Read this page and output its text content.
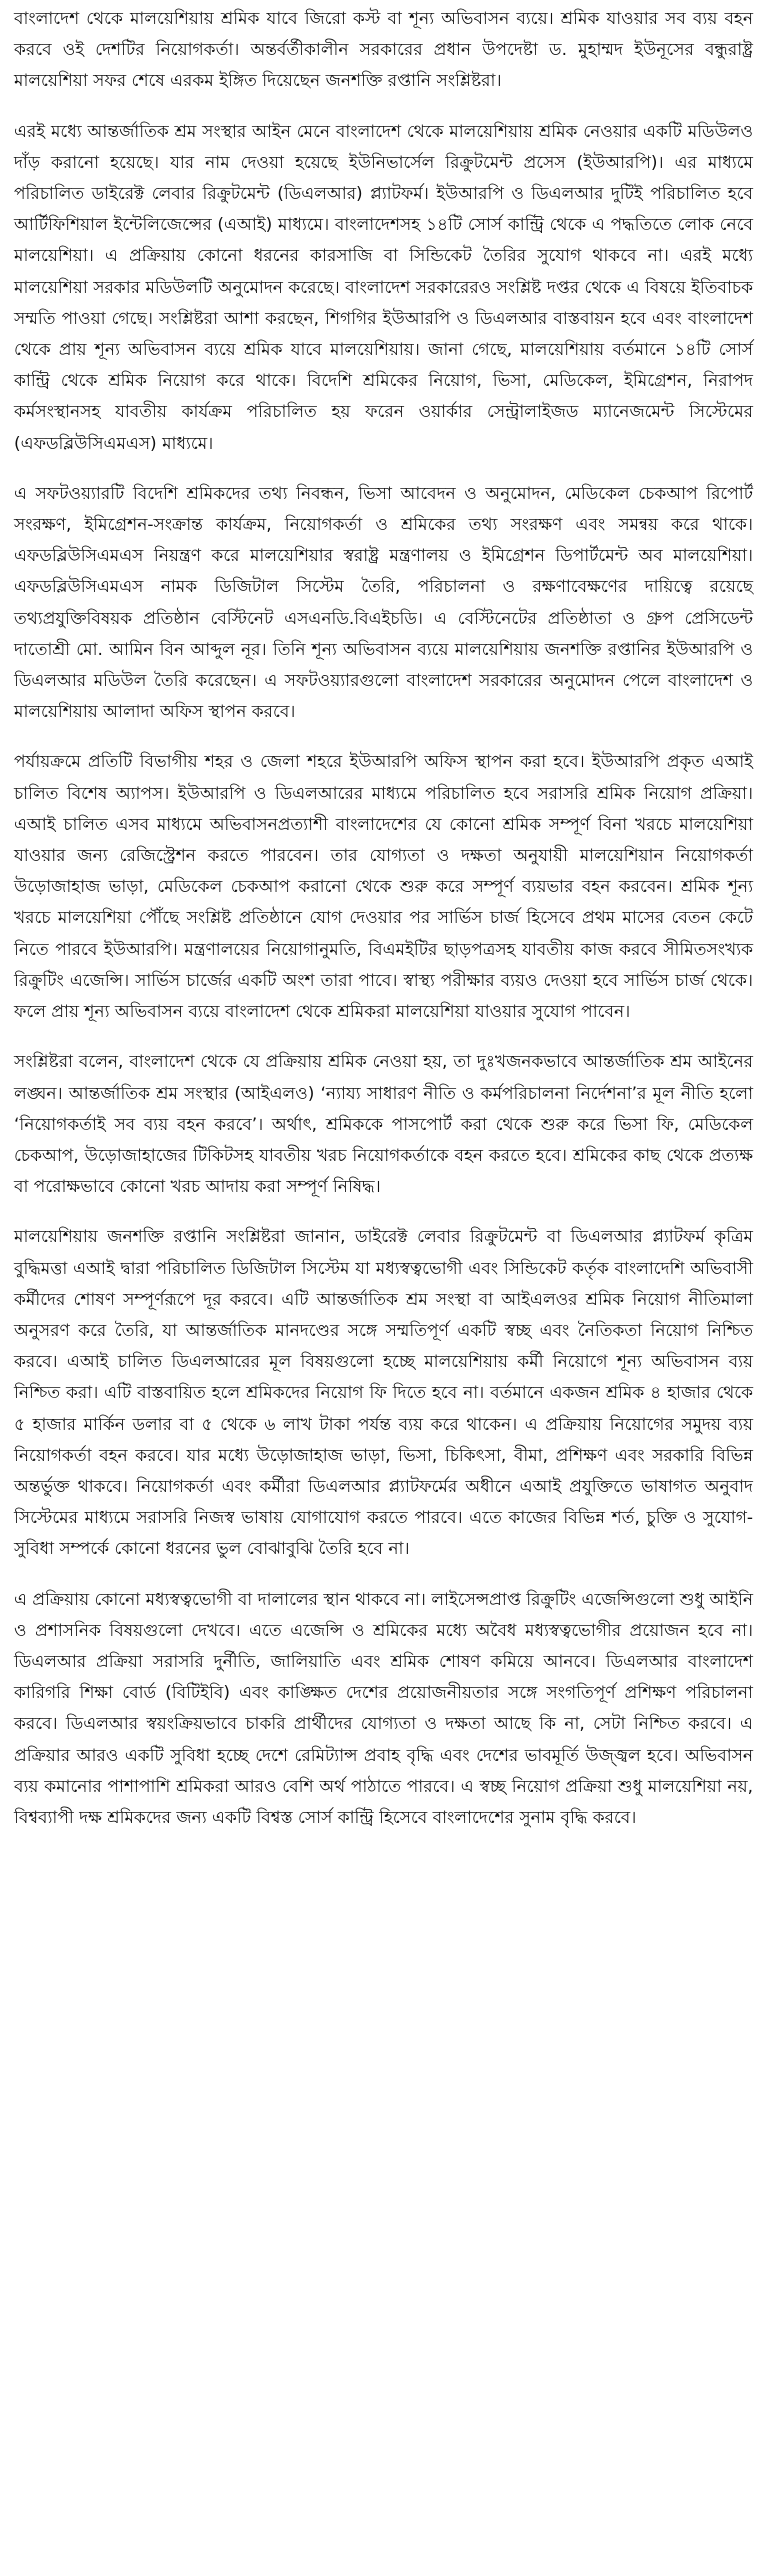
বাংলাদেশ থেকে মালয়েশিয়ায় শ্রমিক যাবে জিরো কস্ট বা শূন্য অভিবাসন ব্যয়ে। শ্রমিক যাওয়ার সব ব্যয় বহন করবে ওই দেশটির নিয়োগকর্তা। অন্তর্বর্তীকালীন সরকারের প্রধান উপদেষ্টা ড. মুহাম্মদ ইউনূসের বন্ধুরাষ্ট্র মালয়েশিয়া সফর শেষে এরকম ইঙ্গিত দিয়েছেন জনশক্তি রপ্তানি সংশ্লিষ্টরা।

এরই মধ্যে আন্তর্জাতিক শ্রম সংস্থার আইন মেনে বাংলাদেশ থেকে মালয়েশিয়ায় শ্রমিক নেওয়ার একটি মডিউলও দাঁড় করানো হয়েছে। যার নাম দেওয়া হয়েছে ইউনিভার্সেল রিক্রুটমেন্ট প্রসেস (ইউআরপি)। এর মাধ্যমে পরিচালিত ডাইরেক্ট লেবার রিক্রুটমেন্ট (ডিএলআর) প্ল্যাটফর্ম। ইউআরপি ও ডিএলআর দুটিই পরিচালিত হবে আর্টিফিশিয়াল ইন্টেলিজেন্সের (এআই) মাধ্যমে। বাংলাদেশসহ ১৪টি সোর্স কান্ট্রি থেকে এ পদ্ধতিতে লোক নেবে মালয়েশিয়া। এ প্রক্রিয়ায় কোনো ধরনের কারসাজি বা সিন্ডিকেট তৈরির সুযোগ থাকবে না। এরই মধ্যে মালয়েশিয়া সরকার মডিউলটি অনুমোদন করেছে। বাংলাদেশ সরকারেরও সংশ্লিষ্ট দপ্তর থেকে এ বিষয়ে ইতিবাচক সম্মতি পাওয়া গেছে। সংশ্লিষ্টরা আশা করছেন, শিগগির ইউআরপি ও ডিএলআর বাস্তবায়ন হবে এবং বাংলাদেশ থেকে প্রায় শূন্য অভিবাসন ব্যয়ে শ্রমিক যাবে মালয়েশিয়ায়। জানা গেছে, মালয়েশিয়ায় বর্তমানে ১৪টি সোর্স কান্ট্রি থেকে শ্রমিক নিয়োগ করে থাকে। বিদেশি শ্রমিকের নিয়োগ, ভিসা, মেডিকেল, ইমিগ্রেশন, নিরাপদ কর্মসংস্থানসহ যাবতীয় কার্যক্রম পরিচালিত হয় ফরেন ওয়ার্কার সেন্ট্রালাইজড ম্যানেজমেন্ট সিস্টেমের (এফডব্লিউসিএমএস) মাধ্যমে।

এ সফটওয়্যারটি বিদেশি শ্রমিকদের তথ্য নিবন্ধন, ভিসা আবেদন ও অনুমোদন, মেডিকেল চেকআপ রিপোর্ট সংরক্ষণ, ইমিগ্রেশন-সংক্রান্ত কার্যক্রম, নিয়োগকর্তা ও শ্রমিকের তথ্য সংরক্ষণ এবং সমন্বয় করে থাকে। এফডব্লিউসিএমএস নিয়ন্ত্রণ করে মালয়েশিয়ার স্বরাষ্ট্র মন্ত্রণালয় ও ইমিগ্রেশন ডিপার্টমেন্ট অব মালয়েশিয়া। এফডব্লিউসিএমএস নামক ডিজিটাল সিস্টেম তৈরি, পরিচালনা ও রক্ষণাবেক্ষণের দায়িত্বে রয়েছে তথ্যপ্রযুক্তিবিষয়ক প্রতিষ্ঠান বেস্টিনেট এসএনডি.বিএইচডি। এ বেস্টিনেটের প্রতিষ্ঠাতা ও গ্রুপ প্রেসিডেন্ট দাতোশ্রী মো. আমিন বিন আব্দুল নূর। তিনি শূন্য অভিবাসন ব্যয়ে মালয়েশিয়ায় জনশক্তি রপ্তানির ইউআরপি ও ডিএলআর মডিউল তৈরি করেছেন। এ সফটওয়্যারগুলো বাংলাদেশ সরকারের অনুমোদন পেলে বাংলাদেশ ও মালয়েশিয়ায় আলাদা অফিস স্থাপন করবে।

পর্যায়ক্রমে প্রতিটি বিভাগীয় শহর ও জেলা শহরে ইউআরপি অফিস স্থাপন করা হবে। ইউআরপি প্রকৃত এআই চালিত বিশেষ অ্যাপস। ইউআরপি ও ডিএলআরের মাধ্যমে পরিচালিত হবে সরাসরি শ্রমিক নিয়োগ প্রক্রিয়া। এআই চালিত এসব মাধ্যমে অভিবাসনপ্রত্যাশী বাংলাদেশের যে কোনো শ্রমিক সম্পূর্ণ বিনা খরচে মালয়েশিয়া যাওয়ার জন্য রেজিস্ট্রেশন করতে পারবেন। তার যোগ্যতা ও দক্ষতা অনুযায়ী মালয়েশিয়ান নিয়োগকর্তা উড়োজাহাজ ভাড়া, মেডিকেল চেকআপ করানো থেকে শুরু করে সম্পূর্ণ ব্যয়ভার বহন করবেন। শ্রমিক শূন্য খরচে মালয়েশিয়া পৌঁছে সংশ্লিষ্ট প্রতিষ্ঠানে যোগ দেওয়ার পর সার্ভিস চার্জ হিসেবে প্রথম মাসের বেতন কেটে নিতে পারবে ইউআরপি। মন্ত্রণালয়ের নিয়োগানুমতি, বিএমইটির ছাড়পত্রসহ যাবতীয় কাজ করবে সীমিতসংখ্যক রিক্রুটিং এজেন্সি। সার্ভিস চার্জের একটি অংশ তারা পাবে। স্বাস্থ্য পরীক্ষার ব্যয়ও দেওয়া হবে সার্ভিস চার্জ থেকে। ফলে প্রায় শূন্য অভিবাসন ব্যয়ে বাংলাদেশ থেকে শ্রমিকরা মালয়েশিয়া যাওয়ার সুযোগ পাবেন।

সংশ্লিষ্টরা বলেন, বাংলাদেশ থেকে যে প্রক্রিয়ায় শ্রমিক নেওয়া হয়, তা দুঃখজনকভাবে আন্তর্জাতিক শ্রম আইনের লঙ্ঘন। আন্তর্জাতিক শ্রম সংস্থার (আইএলও) ‘ন্যায্য সাধারণ নীতি ও কর্মপরিচালনা নির্দেশনা’র মূল নীতি হলো ‘নিয়োগকর্তাই সব ব্যয় বহন করবে’। অর্থাৎ, শ্রমিককে পাসপোর্ট করা থেকে শুরু করে ভিসা ফি, মেডিকেল চেকআপ, উড়োজাহাজের টিকিটসহ যাবতীয় খরচ নিয়োগকর্তাকে বহন করতে হবে। শ্রমিকের কাছ থেকে প্রত্যক্ষ বা পরোক্ষভাবে কোনো খরচ আদায় করা সম্পূর্ণ নিষিদ্ধ।

মালয়েশিয়ায় জনশক্তি রপ্তানি সংশ্লিষ্টরা জানান, ডাইরেক্ট লেবার রিক্রুটমেন্ট বা ডিএলআর প্ল্যাটফর্ম কৃত্রিম বুদ্ধিমত্তা এআই দ্বারা পরিচালিত ডিজিটাল সিস্টেম যা মধ্যস্বত্বভোগী এবং সিন্ডিকেট কর্তৃক বাংলাদেশি অভিবাসী কর্মীদের শোষণ সম্পূর্ণরূপে দূর করবে। এটি আন্তর্জাতিক শ্রম সংস্থা বা আইএলওর শ্রমিক নিয়োগ নীতিমালা অনুসরণ করে তৈরি, যা আন্তর্জাতিক মানদণ্ডের সঙ্গে সম্মতিপূর্ণ একটি স্বচ্ছ এবং নৈতিকতা নিয়োগ নিশ্চিত করবে। এআই চালিত ডিএলআরের মূল বিষয়গুলো হচ্ছে মালয়েশিয়ায় কর্মী নিয়োগে শূন্য অভিবাসন ব্যয় নিশ্চিত করা। এটি বাস্তবায়িত হলে শ্রমিকদের নিয়োগ ফি দিতে হবে না। বর্তমানে একজন শ্রমিক ৪ হাজার থেকে ৫ হাজার মার্কিন ডলার বা ৫ থেকে ৬ লাখ টাকা পর্যন্ত ব্যয় করে থাকেন। এ প্রক্রিয়ায় নিয়োগের সমুদয় ব্যয় নিয়োগকর্তা বহন করবে। যার মধ্যে উড়োজাহাজ ভাড়া, ভিসা, চিকিৎসা, বীমা, প্রশিক্ষণ এবং সরকারি বিভিন্ন অন্তর্ভুক্ত থাকবে। নিয়োগকর্তা এবং কর্মীরা ডিএলআর প্ল্যাটফর্মের অধীনে এআই প্রযুক্তিতে ভাষাগত অনুবাদ সিস্টেমের মাধ্যমে সরাসরি নিজস্ব ভাষায় যোগাযোগ করতে পারবে। এতে কাজের বিভিন্ন শর্ত, চুক্তি ও সুযোগ-সুবিধা সম্পর্কে কোনো ধরনের ভুল বোঝাবুঝি তৈরি হবে না।

এ প্রক্রিয়ায় কোনো মধ্যস্বত্বভোগী বা দালালের স্থান থাকবে না। লাইসেন্সপ্রাপ্ত রিক্রুটিং এজেন্সিগুলো শুধু আইনি ও প্রশাসনিক বিষয়গুলো দেখবে। এতে এজেন্সি ও শ্রমিকের মধ্যে অবৈধ মধ্যস্বত্বভোগীর প্রয়োজন হবে না। ডিএলআর প্রক্রিয়া সরাসরি দুর্নীতি, জালিয়াতি এবং শ্রমিক শোষণ কমিয়ে আনবে। ডিএলআর বাংলাদেশ কারিগরি শিক্ষা বোর্ড (বিটিইবি) এবং কাঙ্ক্ষিত দেশের প্রয়োজনীয়তার সঙ্গে সংগতিপূর্ণ প্রশিক্ষণ পরিচালনা করবে। ডিএলআর স্বয়ংক্রিয়ভাবে চাকরি প্রার্থীদের যোগ্যতা ও দক্ষতা আছে কি না, সেটা নিশ্চিত করবে। এ প্রক্রিয়ার আরও একটি সুবিধা হচ্ছে দেশে রেমিট্যান্স প্রবাহ বৃদ্ধি এবং দেশের ভাবমূর্তি উজ্জ্বল হবে। অভিবাসন ব্যয় কমানোর পাশাপাশি শ্রমিকরা আরও বেশি অর্থ পাঠাতে পারবে। এ স্বচ্ছ নিয়োগ প্রক্রিয়া শুধু মালয়েশিয়া নয়, বিশ্বব্যাপী দক্ষ শ্রমিকদের জন্য একটি বিশ্বস্ত সোর্স কান্ট্রি হিসেবে বাংলাদেশের সুনাম বৃদ্ধি করবে।
